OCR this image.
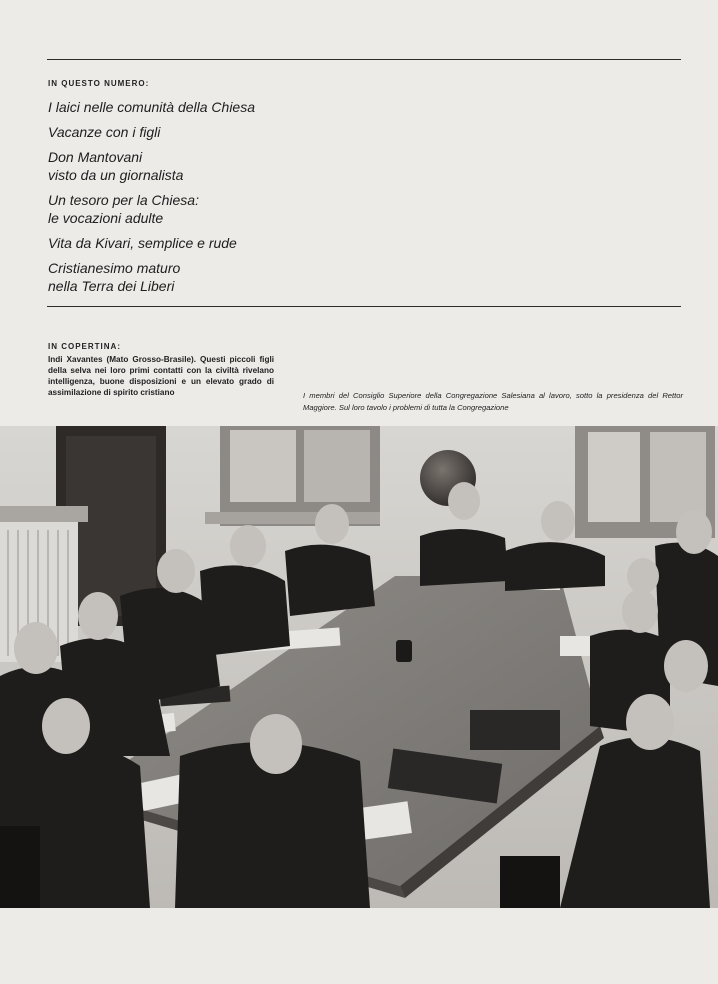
IN QUESTO NUMERO:
I laici nelle comunità della Chiesa
Vacanze con i figli
Don Mantovani
visto da un giornalista
Un tesoro per la Chiesa:
le vocazioni adulte
Vita da Kivari, semplice e rude
Cristianesimo maturo
nella Terra dei Liberi
IN COPERTINA:
Indi Xavantes (Mato Grosso-Brasile). Questi piccoli figli della selva nei loro primi contatti con la civiltà rivelano intelligenza, buone disposizioni e un elevato grado di assimilazione di spirito cristiano	I membri del Consiglio Superiore della Congregazione Salesiana al lavoro, sotto la presidenza del Rettor Maggiore. Sul loro tavolo i problemi di tutta la Congregazione
